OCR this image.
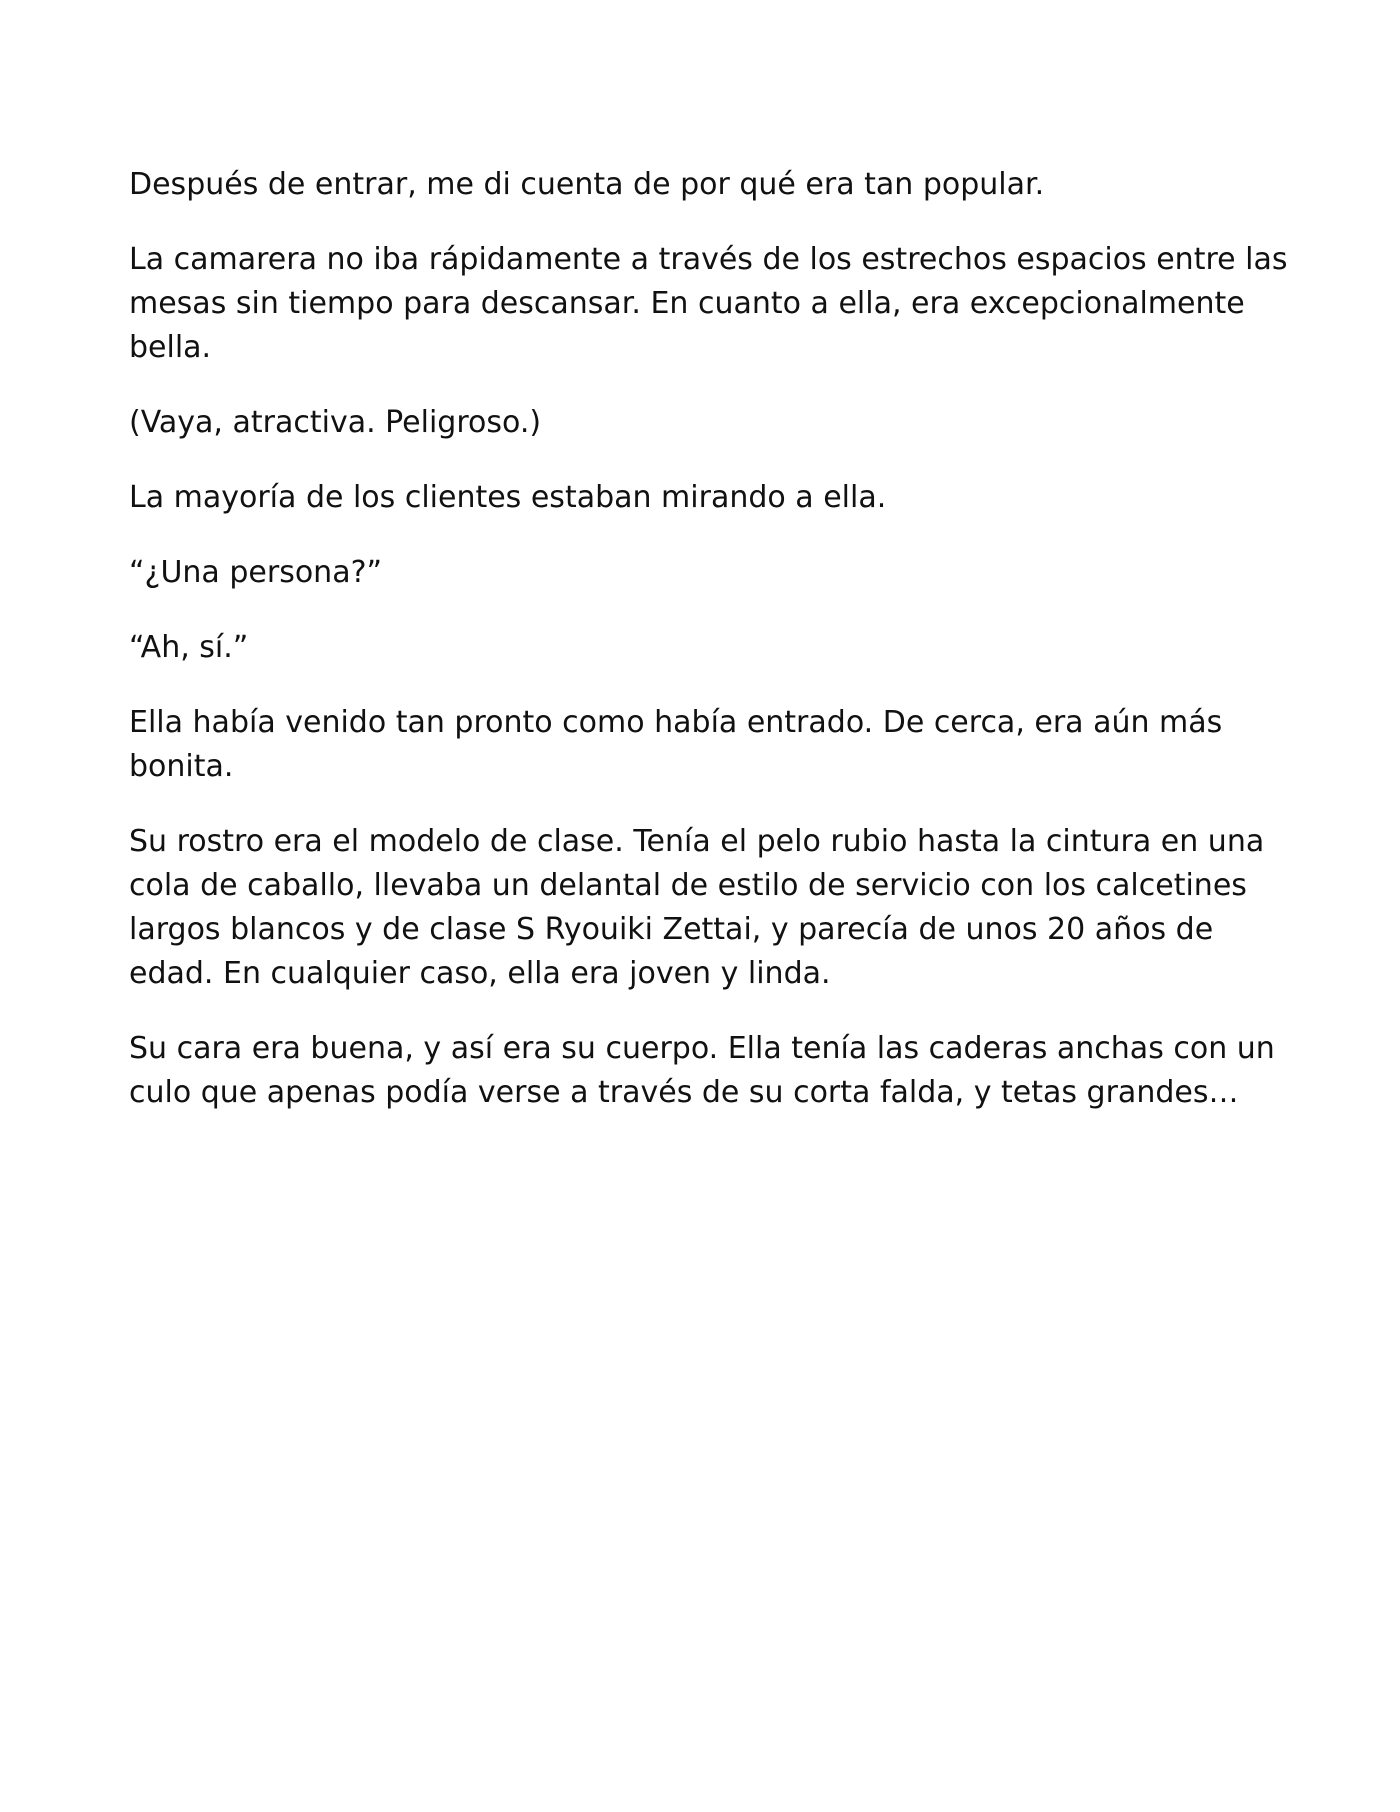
Después de entrar, me di cuenta de por qué era tan popular.

La camarera no iba rápidamente a través de los estrechos espacios entre las mesas sin tiempo para descansar. En cuanto a ella, era excepcionalmente bella.

(Vaya, atractiva. Peligroso.)

La mayoría de los clientes estaban mirando a ella.

“¿Una persona?”

“Ah, sí.”

Ella había venido tan pronto como había entrado. De cerca, era aún más bonita.

Su rostro era el modelo de clase. Tenía el pelo rubio hasta la cintura en una cola de caballo, llevaba un delantal de estilo de servicio con los calcetines largos blancos y de clase S Ryouiki Zettai, y parecía de unos 20 años de edad. En cualquier caso, ella era joven y linda.

Su cara era buena, y así era su cuerpo. Ella tenía las caderas anchas con un culo que apenas podía verse a través de su corta falda, y tetas grandes…
